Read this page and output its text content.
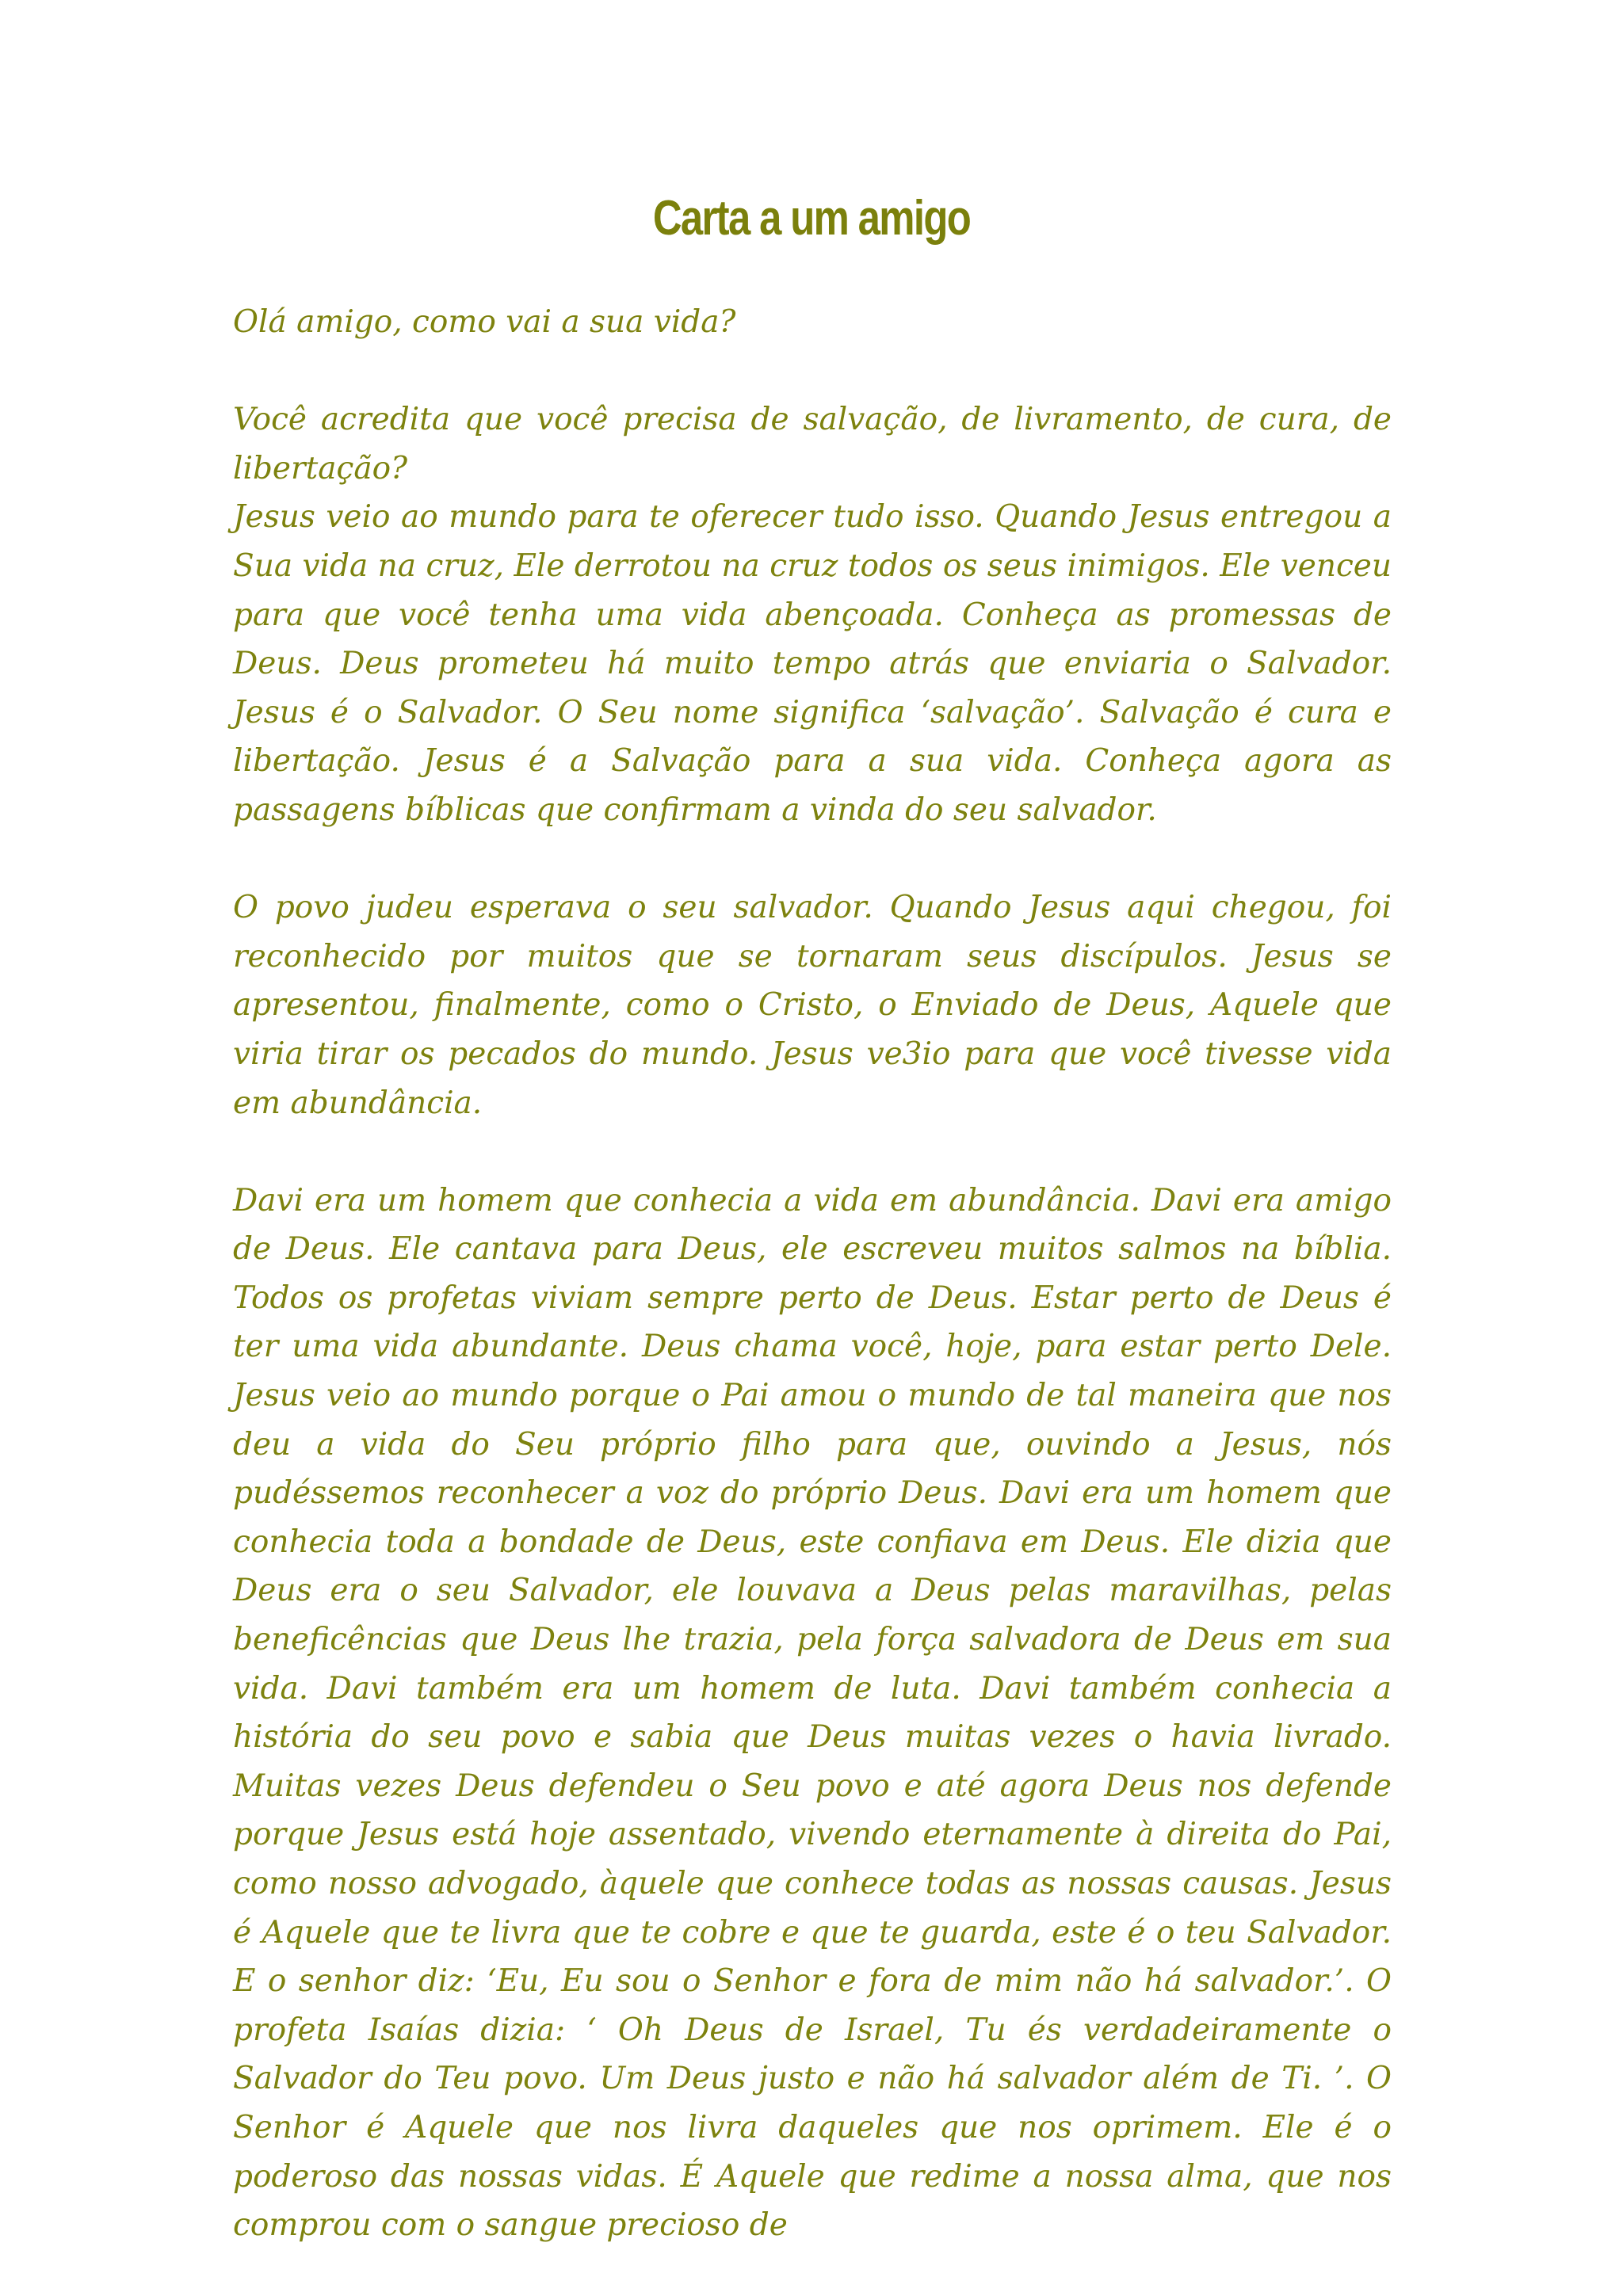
Carta a um amigo

Olá amigo, como vai a sua vida?

Você acredita que você precisa de salvação, de livramento, de cura, de libertação?

Jesus veio ao mundo para te oferecer tudo isso. Quando Jesus entregou a Sua vida na cruz, Ele derrotou na cruz todos os seus inimigos. Ele venceu para que você tenha uma vida abençoada. Conheça as promessas de Deus. Deus prometeu há muito tempo atrás que enviaria o Salvador. Jesus é o Salvador. O Seu nome significa ‘salvação’. Salvação é cura e libertação. Jesus é a Salvação para a sua vida. Conheça agora as passagens bíblicas que confirmam a vinda do seu salvador.

O povo judeu esperava o seu salvador. Quando Jesus aqui chegou, foi reconhecido por muitos que se tornaram seus discípulos. Jesus se apresentou, finalmente, como o Cristo, o Enviado de Deus, Aquele que viria tirar os pecados do mundo. Jesus ve3io para que você tivesse vida em abundância.

Davi era um homem que conhecia a vida em abundância. Davi era amigo de Deus. Ele cantava para Deus, ele escreveu muitos salmos na bíblia. Todos os profetas viviam sempre perto de Deus. Estar perto de Deus é ter uma vida abundante. Deus chama você, hoje, para estar perto Dele. Jesus veio ao mundo porque o Pai amou o mundo de tal maneira que nos deu a vida do Seu próprio filho para que, ouvindo a Jesus, nós pudéssemos reconhecer a voz do próprio Deus. Davi era um homem que conhecia toda a bondade de Deus, este confiava em Deus. Ele dizia que Deus era o seu Salvador, ele louvava a Deus pelas maravilhas, pelas beneficências que Deus lhe trazia, pela força salvadora de Deus em sua vida. Davi também era um homem de luta. Davi também conhecia a história do seu povo e sabia que Deus muitas vezes o havia livrado. Muitas vezes Deus defendeu o Seu povo e até agora Deus nos defende porque Jesus está hoje assentado, vivendo eternamente à direita do Pai, como nosso advogado, àquele que conhece todas as nossas causas. Jesus é Aquele que te livra que te cobre e que te guarda, este é o teu Salvador. E o senhor diz: ‘Eu, Eu sou o Senhor e fora de mim não há salvador.’. O profeta Isaías dizia: ‘ Oh Deus de Israel, Tu és verdadeiramente o Salvador do Teu povo. Um Deus justo e não há salvador além de Ti. ’. O Senhor é Aquele que nos livra daqueles que nos oprimem. Ele é o poderoso das nossas vidas. É Aquele que redime a nossa alma, que nos comprou com o sangue precioso de
